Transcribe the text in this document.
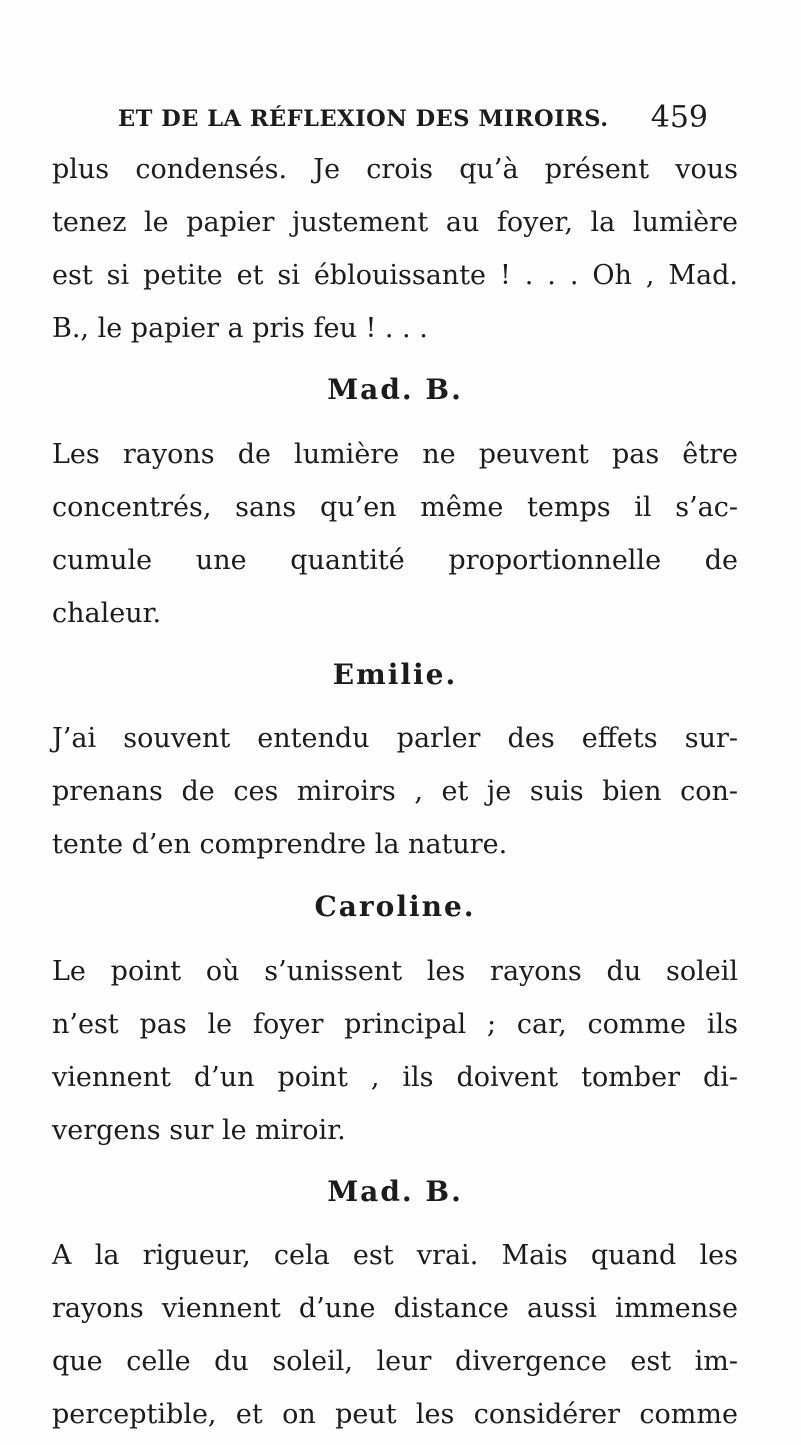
ET DE LA RÉFLEXION DES MIROIRS. 459
plus condensés. Je crois qu’à présent vous
tenez le papier justement au foyer, la lumière
est si petite et si éblouissante ! . . . Oh , Mad.
B., le papier a pris feu ! . . .
Mad. B.
Les rayons de lumière ne peuvent pas être
concentrés, sans qu’en même temps il s’ac-
cumule une quantité proportionnelle de
chaleur.
Emilie.
J’ai souvent entendu parler des effets sur-
prenans de ces miroirs , et je suis bien con-
tente d’en comprendre la nature.
Caroline.
Le point où s’unissent les rayons du soleil
n’est pas le foyer principal ; car, comme ils
viennent d’un point , ils doivent tomber di-
vergens sur le miroir.
Mad. B.
A la rigueur, cela est vrai. Mais quand les
rayons viennent d’une distance aussi immense
que celle du soleil, leur divergence est im-
perceptible, et on peut les considérer comme
